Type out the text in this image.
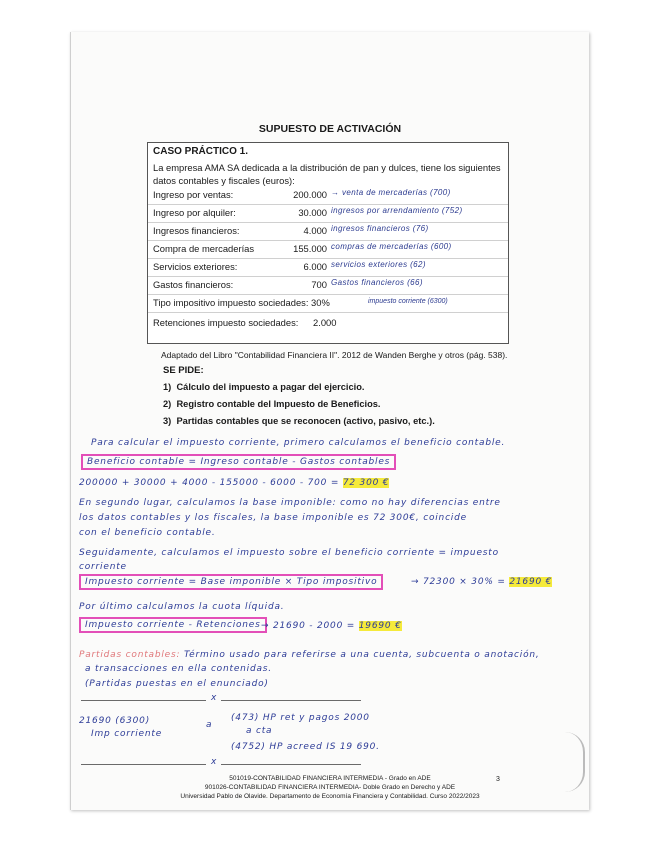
SUPUESTO DE ACTIVACIÓN
CASO PRÁCTICO 1.
La empresa AMA SA dedicada a la distribución de pan y dulces, tiene los siguientes datos contables y fiscales (euros):
Ingreso por ventas:	200.000 → venta de mercaderías (700)
Ingreso por alquiler:	30.000 ingresos por arrendamiento (752)
Ingresos financieros:	4.000 ingresos financieros (76)
Compra de mercaderías	155.000 compras de mercaderías (600)
Servicios exteriores:	6.000 servicios exteriores (62)
Gastos financieros:	700 Gastos financieros (66)
Tipo impositivo impuesto sociedades: 30%	impuesto corriente (6300)
Retenciones impuesto sociedades: 2.000
Adaptado del Libro "Contabilidad Financiera II". 2012 de Wanden Berghe y otros (pág. 538).
SE PIDE:
1) Cálculo del impuesto a pagar del ejercicio.
2) Registro contable del Impuesto de Beneficios.
3) Partidas contables que se reconocen (activo, pasivo, etc.).
Para calcular el impuesto corriente, primero calculamos el beneficio contable.
Beneficio contable = Ingreso contable - Gastos contables
200000 + 30000 + 4000 - 155000 - 6000 - 700 = 72 300 €
En segundo lugar, calculamos la base imponible: como no hay diferencias entre
los datos contables y los fiscales, la base imponible es 72 300€, coincide
con el beneficio contable.
Seguidamente, calculamos el impuesto sobre el beneficio corriente = impuesto
corriente
Impuesto corriente = Base imponible × Tipo impositivo	→ 72300 × 30% = 21690 €
Por último calculamos la cuota líquida.
Impuesto corriente - Retenciones → 21690 - 2000 = 19690 €
Partidas contables: Término usado para referirse a una cuenta, subcuenta o anotación,
a transacciones en ella contenidas.
(Partidas puestas en el enunciado)
x
21690 (6300)
Imp corriente
a
(473) HP ret y pagos 2000
a cta
(4752) HP acreed IS 19 690.
x
501019-CONTABILIDAD FINANCIERA INTERMEDIA - Grado en ADE
901026-CONTABILIDAD FINANCIERA INTERMEDIA- Doble Grado en Derecho y ADE
Universidad Pablo de Olavide. Departamento de Economía Financiera y Contabilidad. Curso 2022/2023
3
